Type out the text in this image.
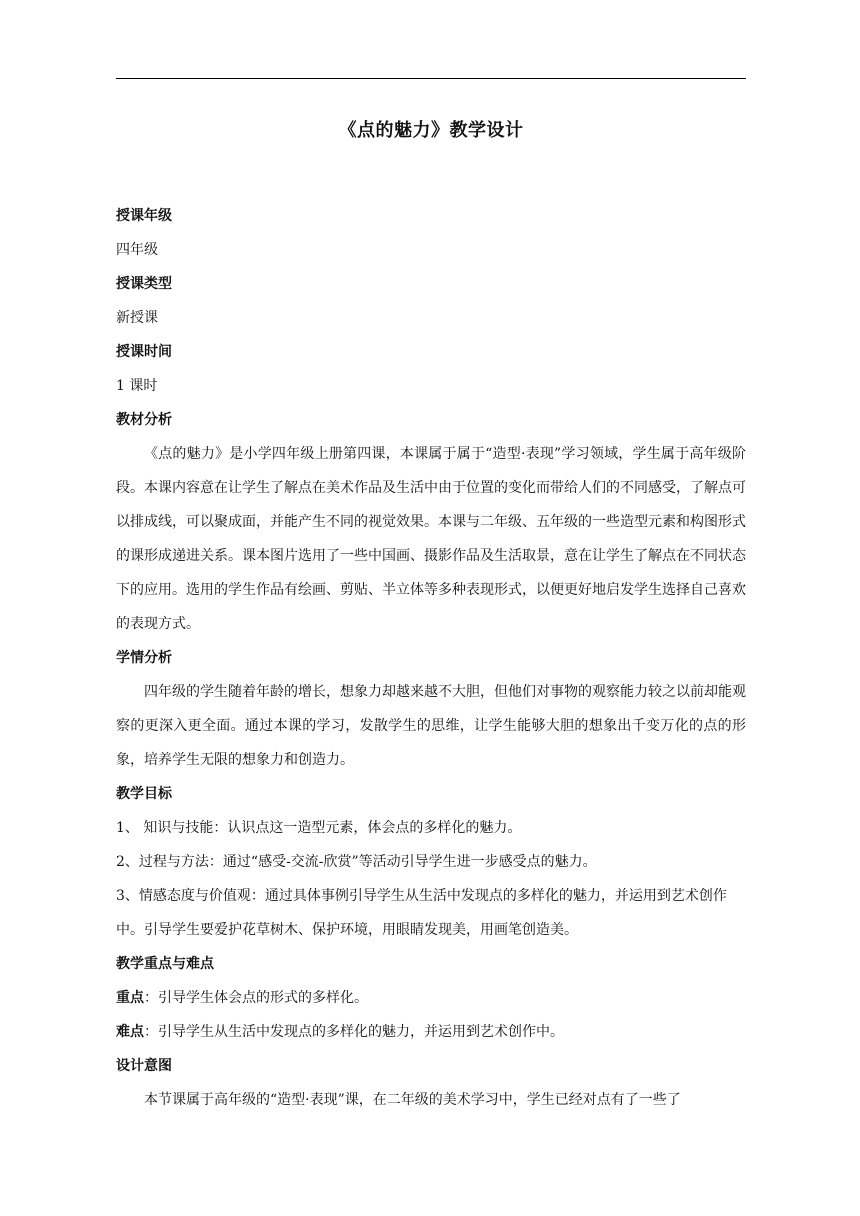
《点的魅力》教学设计

授课年级

四年级

授课类型

新授课

授课时间

1 课时

教材分析

《点的魅力》是小学四年级上册第四课，本课属于属于“造型·表现”学习领域，学生属于高年级阶段。本课内容意在让学生了解点在美术作品及生活中由于位置的变化而带给人们的不同感受，了解点可以排成线，可以聚成面，并能产生不同的视觉效果。本课与二年级、五年级的一些造型元素和构图形式的课形成递进关系。课本图片选用了一些中国画、摄影作品及生活取景，意在让学生了解点在不同状态下的应用。选用的学生作品有绘画、剪贴、半立体等多种表现形式，以便更好地启发学生选择自己喜欢的表现方式。

学情分析

四年级的学生随着年龄的增长，想象力却越来越不大胆，但他们对事物的观察能力较之以前却能观察的更深入更全面。通过本课的学习，发散学生的思维，让学生能够大胆的想象出千变万化的点的形象，培养学生无限的想象力和创造力。

教学目标

1、 知识与技能：认识点这一造型元素，体会点的多样化的魅力。

2、过程与方法：通过“感受-交流-欣赏”等活动引导学生进一步感受点的魅力。

3、情感态度与价值观：通过具体事例引导学生从生活中发现点的多样化的魅力，并运用到艺术创作中。引导学生要爱护花草树木、保护环境，用眼睛发现美，用画笔创造美。

教学重点与难点

重点：引导学生体会点的形式的多样化。

难点：引导学生从生活中发现点的多样化的魅力，并运用到艺术创作中。

设计意图

本节课属于高年级的“造型·表现”课，在二年级的美术学习中，学生已经对点有了一些了
